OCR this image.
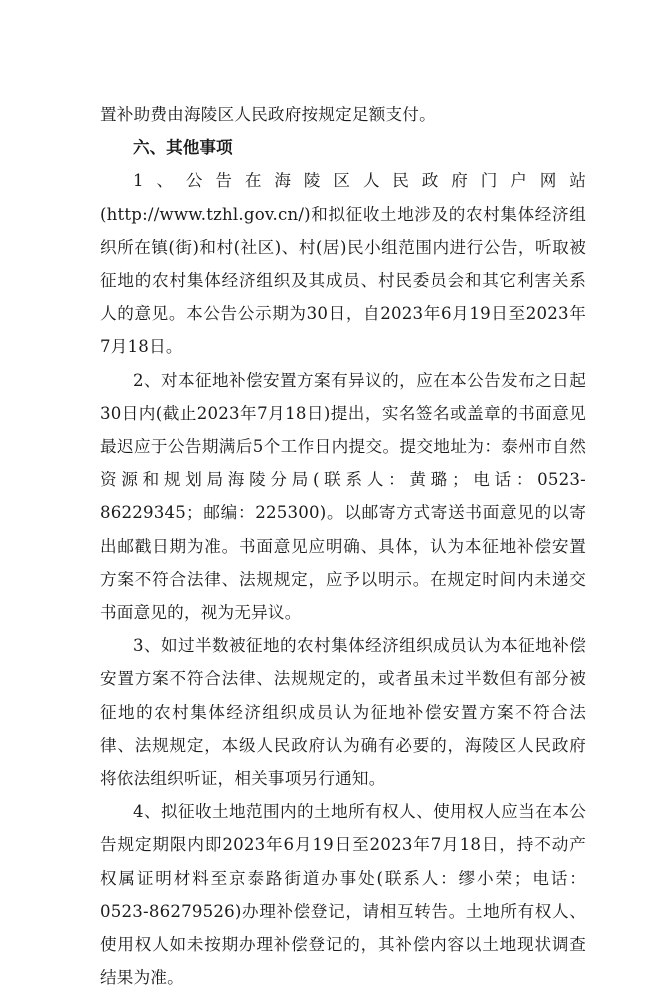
置补助费由海陵区人民政府按规定足额支付。

六、其他事项

1、公告在海陵区人民政府门户网站(http://www.tzhl.gov.cn/)和拟征收土地涉及的农村集体经济组织所在镇(街)和村(社区)、村(居)民小组范围内进行公告，听取被征地的农村集体经济组织及其成员、村民委员会和其它利害关系人的意见。本公告公示期为30日，自2023年6月19日至2023年7月18日。

2、对本征地补偿安置方案有异议的，应在本公告发布之日起30日内(截止2023年7月18日)提出，实名签名或盖章的书面意见最迟应于公告期满后5个工作日内提交。提交地址为：泰州市自然资源和规划局海陵分局(联系人：黄璐；电话：0523-86229345；邮编：225300)。以邮寄方式寄送书面意见的以寄出邮戳日期为准。书面意见应明确、具体，认为本征地补偿安置方案不符合法律、法规规定，应予以明示。在规定时间内未递交书面意见的，视为无异议。

3、如过半数被征地的农村集体经济组织成员认为本征地补偿安置方案不符合法律、法规规定的，或者虽未过半数但有部分被征地的农村集体经济组织成员认为征地补偿安置方案不符合法律、法规规定，本级人民政府认为确有必要的，海陵区人民政府将依法组织听证，相关事项另行通知。

4、拟征收土地范围内的土地所有权人、使用权人应当在本公告规定期限内即2023年6月19日至2023年7月18日，持不动产权属证明材料至京泰路街道办事处(联系人：缪小荣；电话：0523-86279526)办理补偿登记，请相互转告。土地所有权人、使用权人如未按期办理补偿登记的，其补偿内容以土地现状调查结果为准。
